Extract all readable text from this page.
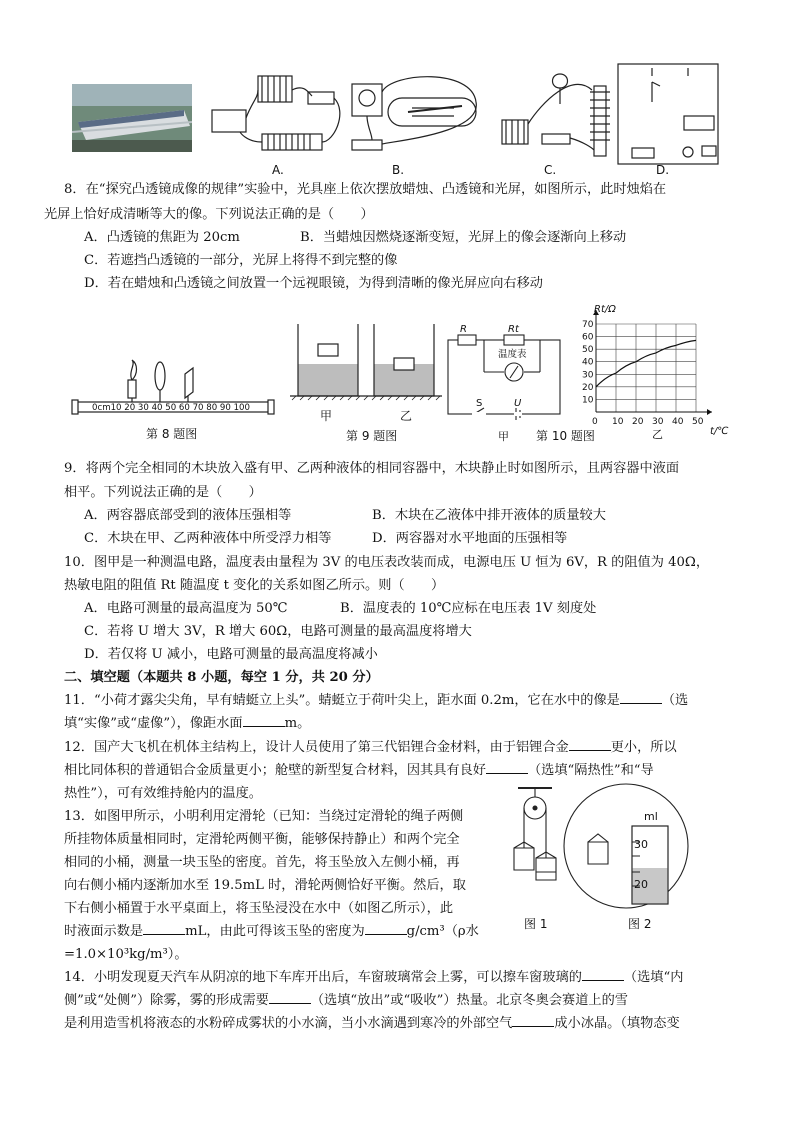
A.	B.	C.	D.
8．在“探究凸透镜成像的规律”实验中，光具座上依次摆放蜡烛、凸透镜和光屏，如图所示，此时烛焰在
光屏上恰好成清晰等大的像。下列说法正确的是（　　）
A．凸透镜的焦距为 20cm	B．当蜡烛因燃烧逐渐变短，光屏上的像会逐渐向上移动
C．若遮挡凸透镜的一部分，光屏上将得不到完整的像
D．若在蜡烛和凸透镜之间放置一个远视眼镜，为得到清晰的像光屏应向右移动
0cm10 20 30 40 50 60 70 80 90 100
第 8 题图
甲	乙
第 9 题图
R	Rt
温度表
S	U
甲 第 10 题图
0 10 20 30 40 50
10
20
30
40
50
60
70
Rt/Ω
t/℃
乙
9．将两个完全相同的木块放入盛有甲、乙两种液体的相同容器中，木块静止时如图所示，且两容器中液面
相平。下列说法正确的是（　　）
A．两容器底部受到的液体压强相等	B．木块在乙液体中排开液体的质量较大
C．木块在甲、乙两种液体中所受浮力相等	D．两容器对水平地面的压强相等
10．图甲是一种测温电路，温度表由量程为 3V 的电压表改装而成，电源电压 U 恒为 6V，R 的阻值为 40Ω，
热敏电阻的阻值 Rt 随温度 t 变化的关系如图乙所示。则（　　）
A．电路可测量的最高温度为 50℃	B．温度表的 10℃应标在电压表 1V 刻度处
C．若将 U 增大 3V，R 增大 60Ω，电路可测量的最高温度将增大
D．若仅将 U 减小，电路可测量的最高温度将减小
二、填空题（本题共 8 小题，每空 1 分，共 20 分）
11．“小荷才露尖尖角，早有蜻蜓立上头”。蜻蜓立于荷叶尖上，距水面 0.2m，它在水中的像是	（选
填“实像”或“虚像”），像距水面	m。
12．国产大飞机在机体主结构上，设计人员使用了第三代铝锂合金材料，由于铝锂合金	更小，所以
相比同体积的普通铝合金质量更小；舱壁的新型复合材料，因其具有良好	（选填“隔热性”和“导
热性”），可有效维持舱内的温度。
13．如图甲所示，小明利用定滑轮（已知：当绕过定滑轮的绳子两侧
所挂物体质量相同时，定滑轮两侧平衡，能够保持静止）和两个完全
相同的小桶，测量一块玉坠的密度。首先，将玉坠放入左侧小桶，再
向右侧小桶内逐渐加水至 19.5mL 时，滑轮两侧恰好平衡。然后，取
下右侧小桶置于水平桌面上，将玉坠浸没在水中（如图乙所示），此
时液面示数是	mL，由此可得该玉坠的密度为	g/cm³（ρ水
=1.0×10³kg/m³）。
ml
30
20
图 1	图 2
14．小明发现夏天汽车从阴凉的地下车库开出后，车窗玻璃常会上雾，可以擦车窗玻璃的	（选填“内
侧”或“处侧”）除雾，雾的形成需要	（选填“放出”或“吸收”）热量。北京冬奥会赛道上的雪
是利用造雪机将液态的水粉碎成雾状的小水滴，当小水滴遇到寒冷的外部空气	成小冰晶。（填物态变
